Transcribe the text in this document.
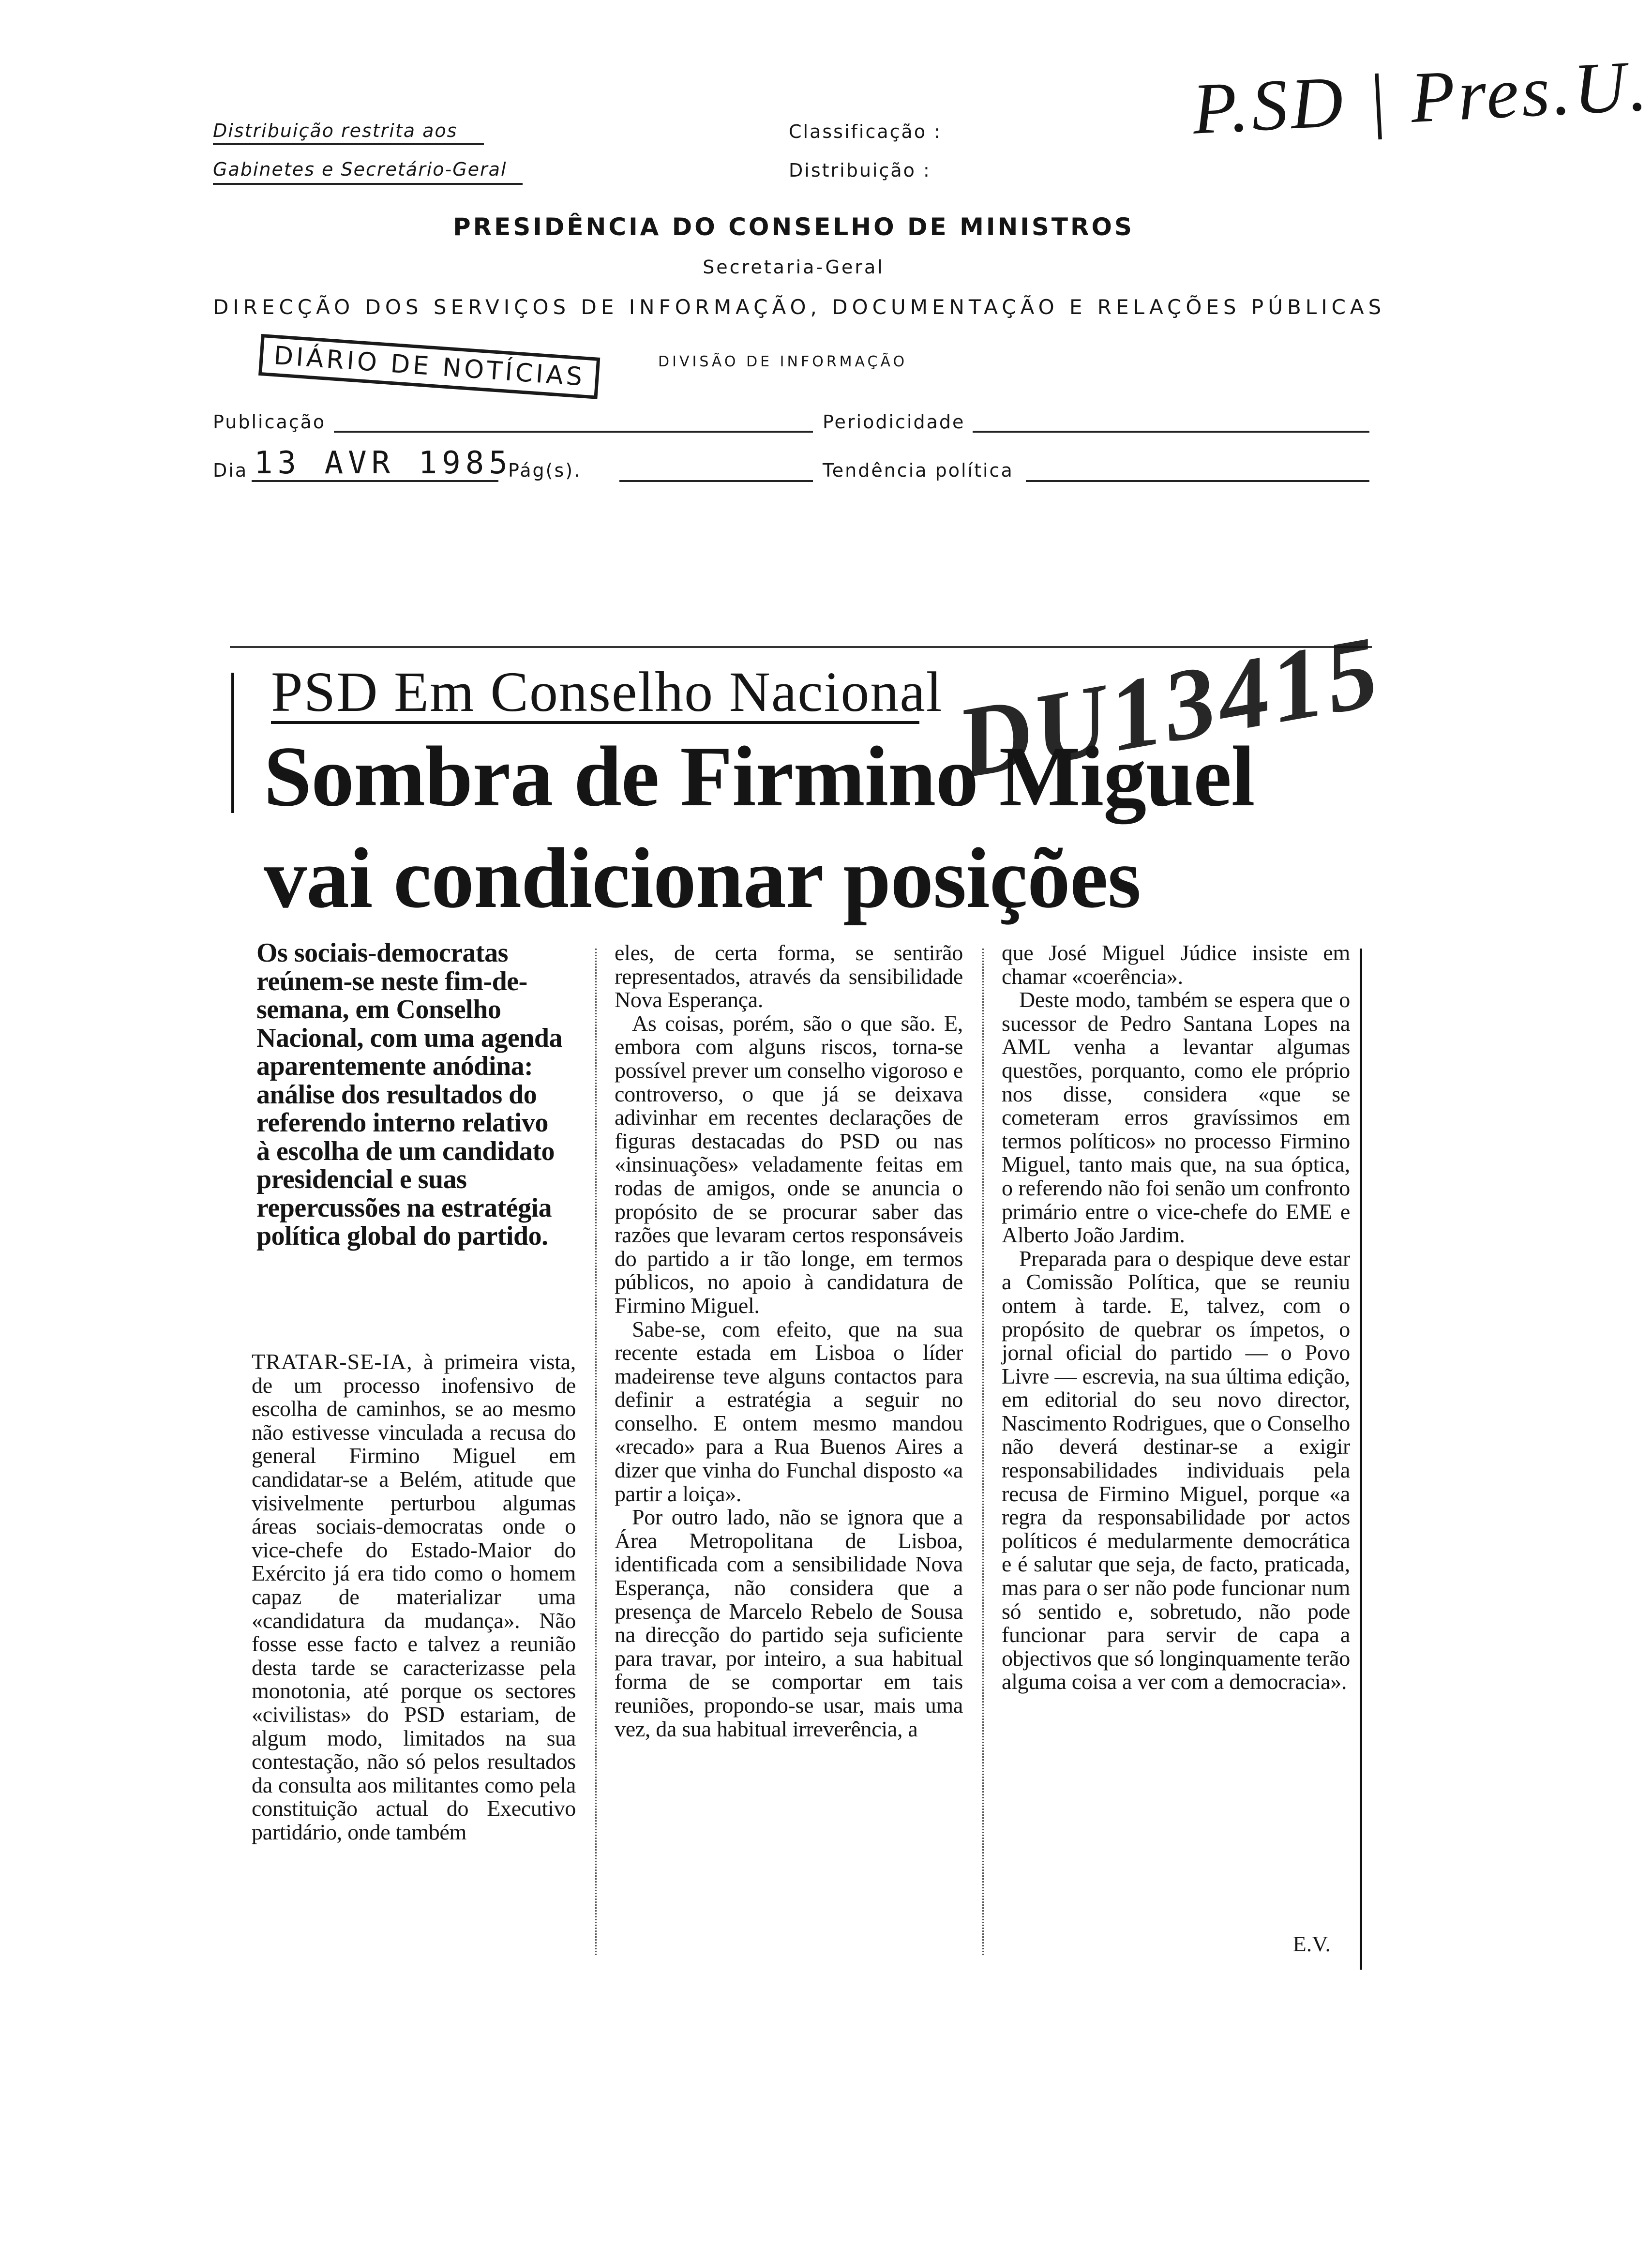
Distribuição restrita aos
Gabinetes e Secretário-Geral
Classificação :
Distribuição :
P.SD | Pres.U.
PRESIDÊNCIA DO CONSELHO DE MINISTROS
Secretaria-Geral
DIRECÇÃO DOS SERVIÇOS DE INFORMAÇÃO, DOCUMENTAÇÃO E RELAÇÕES PÚBLICAS
DIÁRIO DE NOTÍCIAS	DIVISÃO DE INFORMAÇÃO
Publicação	Periodicidade
Dia 13 AVR 1985
Pág(s).	Tendência política
PSD Em Conselho Nacional DU13415
Sombra de Firmino Miguel
vai condicionar posições
Os sociais-democratas reúnem-se neste fim-de-semana, em Conselho Nacional, com uma agenda aparentemente anódina: análise dos resultados do referendo interno relativo à escolha de um candidato presidencial e suas repercussões na estratégia política global do partido.

TRATAR-SE-IA, à primeira vista, de um processo inofensivo de escolha de caminhos, se ao mesmo não estivesse vinculada a recusa do general Firmino Miguel em candidatar-se a Belém, atitude que visivelmente perturbou algumas áreas sociais-democratas onde o vice-chefe do Estado-Maior do Exército já era tido como o homem capaz de materializar uma «candidatura da mudança». Não fosse esse facto e talvez a reunião desta tarde se caracterizasse pela monotonia, até porque os sectores «civilistas» do PSD estariam, de algum modo, limitados na sua contestação, não só pelos resultados da consulta aos militantes como pela constituição actual do Executivo partidário, onde também

eles, de certa forma, se sentirão representados, através da sensibilidade Nova Esperança.

As coisas, porém, são o que são. E, embora com alguns riscos, torna-se possível prever um conselho vigoroso e controverso, o que já se deixava adivinhar em recentes declarações de figuras destacadas do PSD ou nas «insinuações» veladamente feitas em rodas de amigos, onde se anuncia o propósito de se procurar saber das razões que levaram certos responsáveis do partido a ir tão longe, em termos públicos, no apoio à candidatura de Firmino Miguel.

Sabe-se, com efeito, que na sua recente estada em Lisboa o líder madeirense teve alguns contactos para definir a estratégia a seguir no conselho. E ontem mesmo mandou «recado» para a Rua Buenos Aires a dizer que vinha do Funchal disposto «a partir a loiça».

Por outro lado, não se ignora que a Área Metropolitana de Lisboa, identificada com a sensibilidade Nova Esperança, não considera que a presença de Marcelo Rebelo de Sousa na direcção do partido seja suficiente para travar, por inteiro, a sua habitual forma de se comportar em tais reuniões, propondo-se usar, mais uma vez, da sua habitual irreverência, a

que José Miguel Júdice insiste em chamar «coerência».

Deste modo, também se espera que o sucessor de Pedro Santana Lopes na AML venha a levantar algumas questões, porquanto, como ele próprio nos disse, considera «que se cometeram erros gravíssimos em termos políticos» no processo Firmino Miguel, tanto mais que, na sua óptica, o referendo não foi senão um confronto primário entre o vice-chefe do EME e Alberto João Jardim.

Preparada para o despique deve estar a Comissão Política, que se reuniu ontem à tarde. E, talvez, com o propósito de quebrar os ímpetos, o jornal oficial do partido — o Povo Livre — escrevia, na sua última edição, em editorial do seu novo director, Nascimento Rodrigues, que o Conselho não deverá destinar-se a exigir responsabilidades individuais pela recusa de Firmino Miguel, porque «a regra da responsabilidade por actos políticos é medularmente democrática e é salutar que seja, de facto, praticada, mas para o ser não pode funcionar num só sentido e, sobretudo, não pode funcionar para servir de capa a objectivos que só longinquamente terão alguma coisa a ver com a democracia».

E.V.
